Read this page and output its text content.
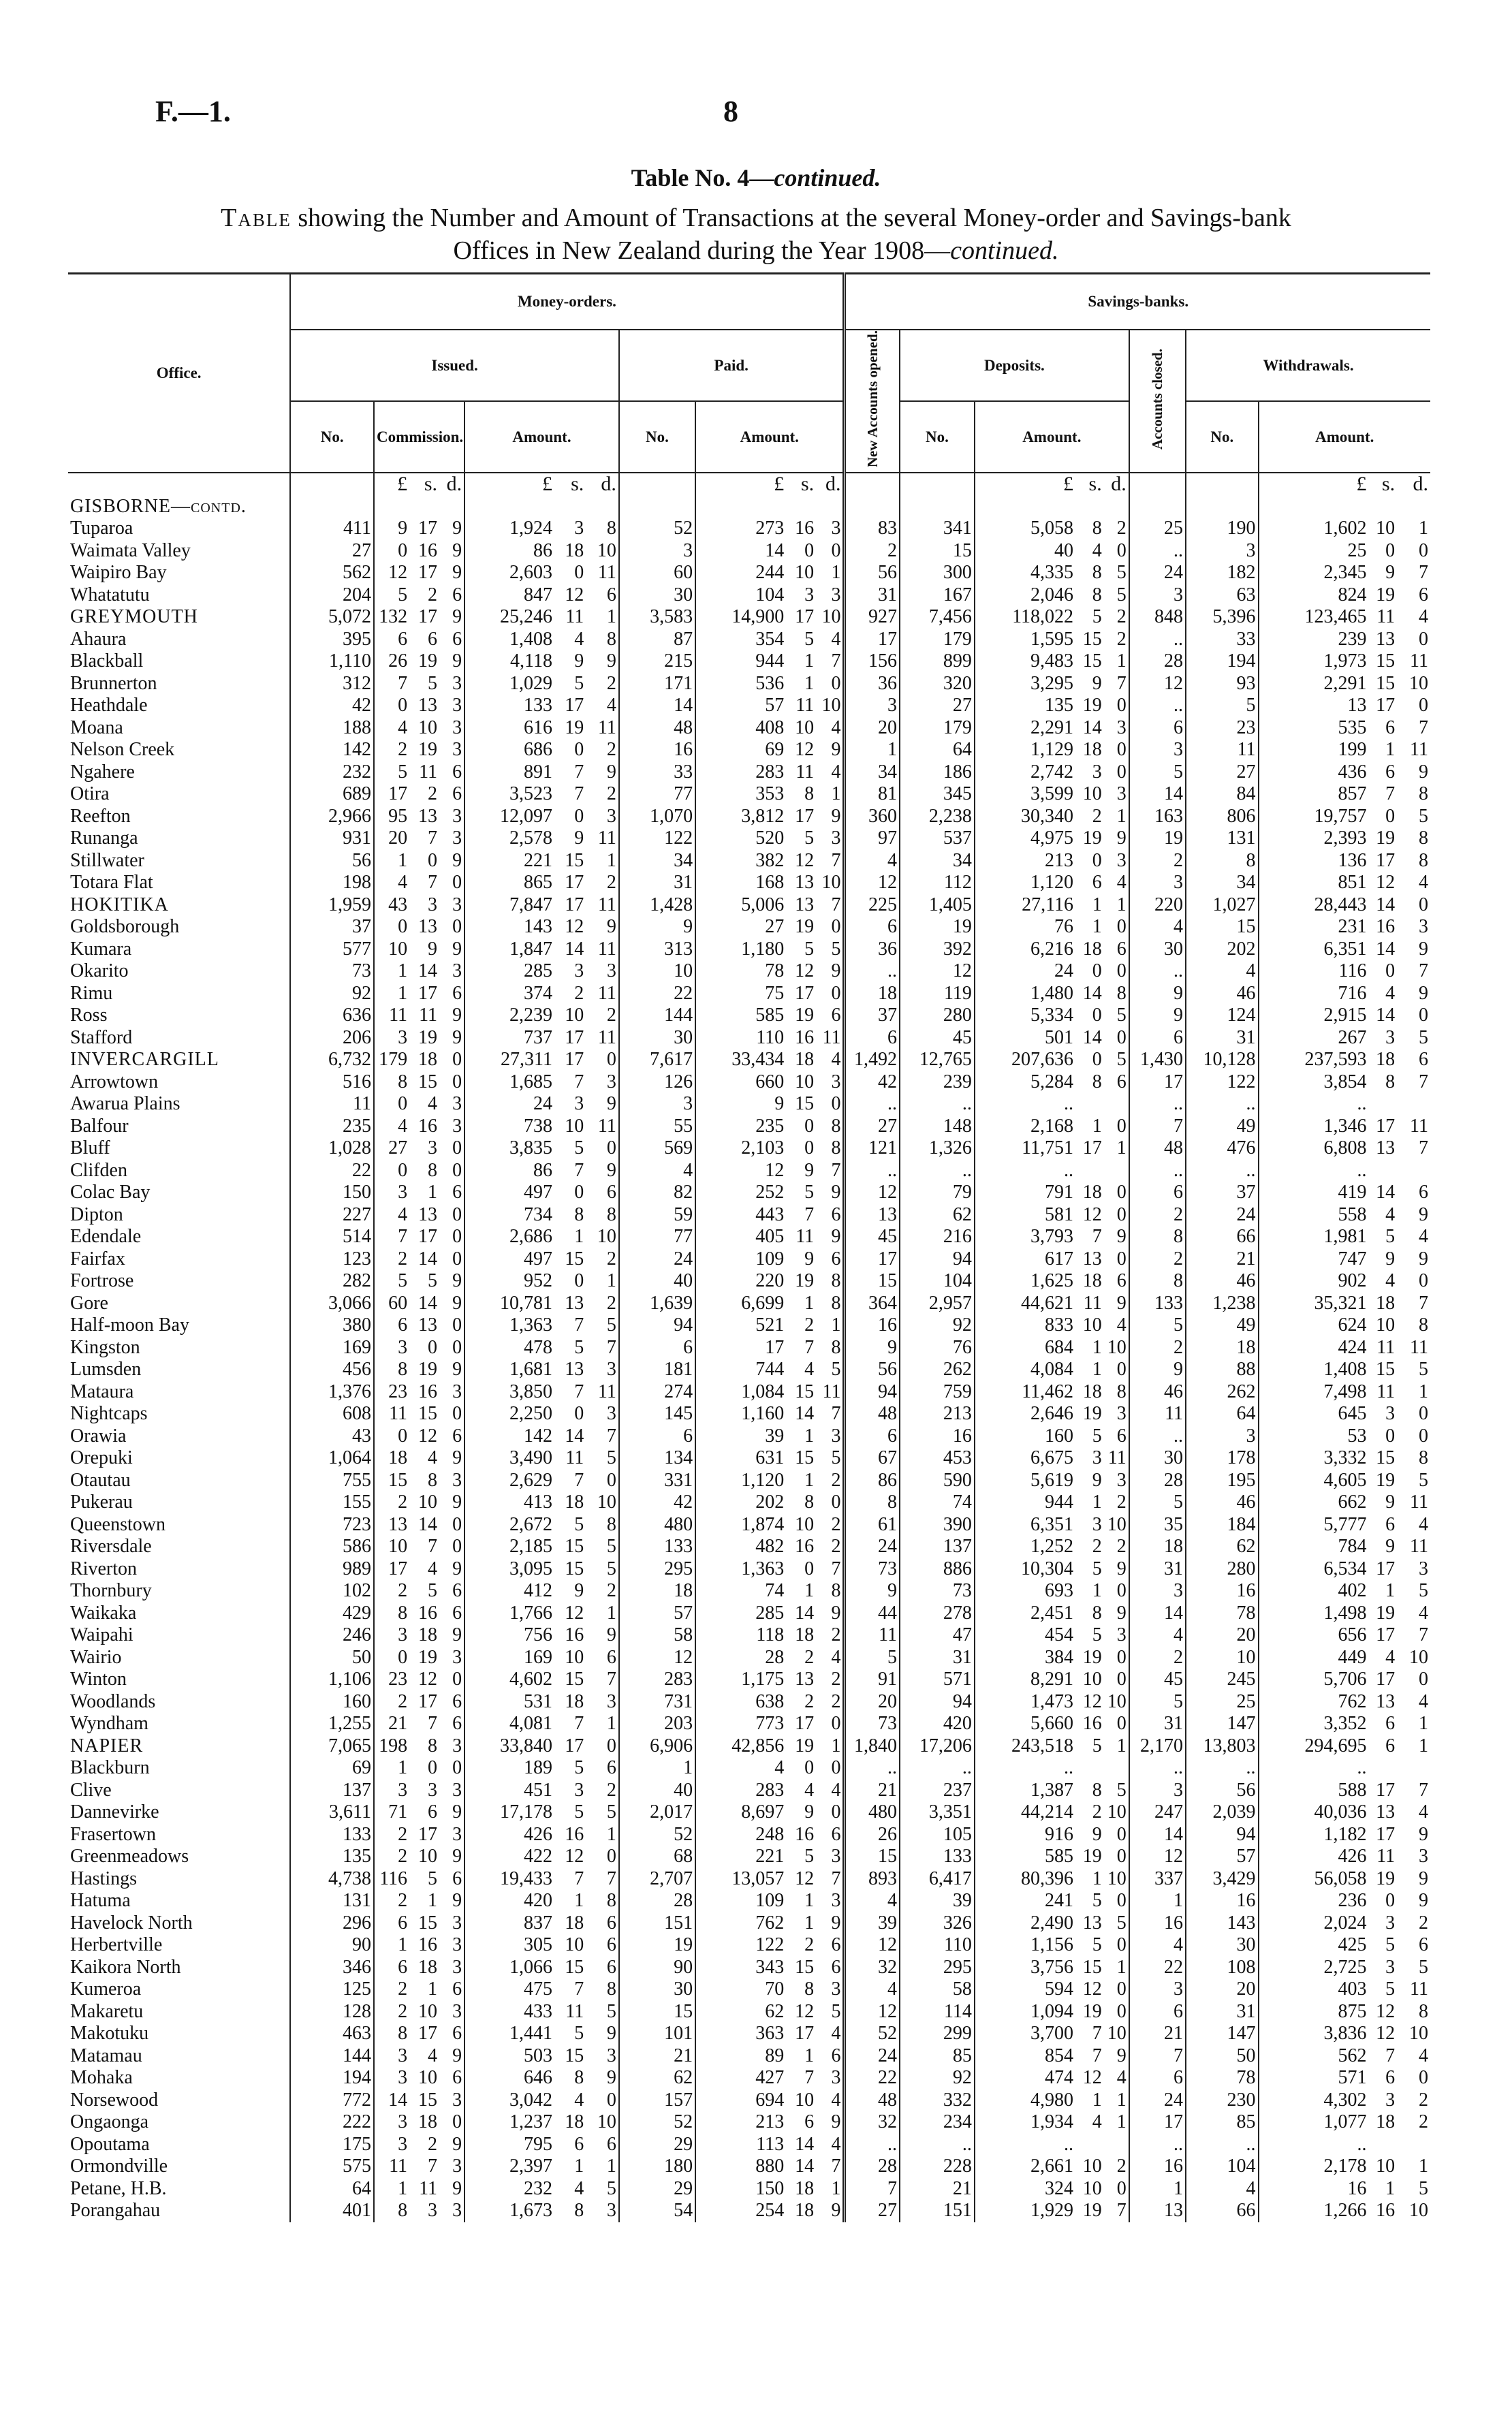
F.—1.	8
Table No. 4—continued.
Table showing the Number and Amount of Transactions at the several Money-order and Savings-bank
Offices in New Zealand during the Year 1908—continued.
Office.	Money-orders.											Savings-banks.									
	Issued.							Paid.				New Accounts opened.	Deposits.				Accounts closed.	Withdrawals.			
	No.	Commission.			Amount.			No.	Amount.				No.	Amount.				No.	Amount.		
		£	s.	d.	£	s.	d.		£	s.	d.			£	s.	d.			£	s.	d.
GISBORNE—contd.																					
Tuparoa	411	9	17	9	1,924	3	8	52	273	16	3	83	341	5,058	8	2	25	190	1,602	10	1
Waimata Valley	27	0	16	9	86	18	10	3	14	0	0	2	15	40	4	0	..	3	25	0	0
Waipiro Bay	562	12	17	9	2,603	0	11	60	244	10	1	56	300	4,335	8	5	24	182	2,345	9	7
Whatatutu	204	5	2	6	847	12	6	30	104	3	3	31	167	2,046	8	5	3	63	824	19	6
GREYMOUTH	5,072	132	17	9	25,246	11	1	3,583	14,900	17	10	927	7,456	118,022	5	2	848	5,396	123,465	11	4
Ahaura	395	6	6	6	1,408	4	8	87	354	5	4	17	179	1,595	15	2	..	33	239	13	0
Blackball	1,110	26	19	9	4,118	9	9	215	944	1	7	156	899	9,483	15	1	28	194	1,973	15	11
Brunnerton	312	7	5	3	1,029	5	2	171	536	1	0	36	320	3,295	9	7	12	93	2,291	15	10
Heathdale	42	0	13	3	133	17	4	14	57	11	10	3	27	135	19	0	..	5	13	17	0
Moana	188	4	10	3	616	19	11	48	408	10	4	20	179	2,291	14	3	6	23	535	6	7
Nelson Creek	142	2	19	3	686	0	2	16	69	12	9	1	64	1,129	18	0	3	11	199	1	11
Ngahere	232	5	11	6	891	7	9	33	283	11	4	34	186	2,742	3	0	5	27	436	6	9
Otira	689	17	2	6	3,523	7	2	77	353	8	1	81	345	3,599	10	3	14	84	857	7	8
Reefton	2,966	95	13	3	12,097	0	3	1,070	3,812	17	9	360	2,238	30,340	2	1	163	806	19,757	0	5
Runanga	931	20	7	3	2,578	9	11	122	520	5	3	97	537	4,975	19	9	19	131	2,393	19	8
Stillwater	56	1	0	9	221	15	1	34	382	12	7	4	34	213	0	3	2	8	136	17	8
Totara Flat	198	4	7	0	865	17	2	31	168	13	10	12	112	1,120	6	4	3	34	851	12	4
HOKITIKA	1,959	43	3	3	7,847	17	11	1,428	5,006	13	7	225	1,405	27,116	1	1	220	1,027	28,443	14	0
Goldsborough	37	0	13	0	143	12	9	9	27	19	0	6	19	76	1	0	4	15	231	16	3
Kumara	577	10	9	9	1,847	14	11	313	1,180	5	5	36	392	6,216	18	6	30	202	6,351	14	9
Okarito	73	1	14	3	285	3	3	10	78	12	9	..	12	24	0	0	..	4	116	0	7
Rimu	92	1	17	6	374	2	11	22	75	17	0	18	119	1,480	14	8	9	46	716	4	9
Ross	636	11	11	9	2,239	10	2	144	585	19	6	37	280	5,334	0	5	9	124	2,915	14	0
Stafford	206	3	19	9	737	17	11	30	110	16	11	6	45	501	14	0	6	31	267	3	5
INVERCARGILL	6,732	179	18	0	27,311	17	0	7,617	33,434	18	4	1,492	12,765	207,636	0	5	1,430	10,128	237,593	18	6
Arrowtown	516	8	15	0	1,685	7	3	126	660	10	3	42	239	5,284	8	6	17	122	3,854	8	7
Awarua Plains	11	0	4	3	24	3	9	3	9	15	0	..	..	..			..	..	..		
Balfour	235	4	16	3	738	10	11	55	235	0	8	27	148	2,168	1	0	7	49	1,346	17	11
Bluff	1,028	27	3	0	3,835	5	0	569	2,103	0	8	121	1,326	11,751	17	1	48	476	6,808	13	7
Clifden	22	0	8	0	86	7	9	4	12	9	7	..	..	..			..	..	..		
Colac Bay	150	3	1	6	497	0	6	82	252	5	9	12	79	791	18	0	6	37	419	14	6
Dipton	227	4	13	0	734	8	8	59	443	7	6	13	62	581	12	0	2	24	558	4	9
Edendale	514	7	17	0	2,686	1	10	77	405	11	9	45	216	3,793	7	9	8	66	1,981	5	4
Fairfax	123	2	14	0	497	15	2	24	109	9	6	17	94	617	13	0	2	21	747	9	9
Fortrose	282	5	5	9	952	0	1	40	220	19	8	15	104	1,625	18	6	8	46	902	4	0
Gore	3,066	60	14	9	10,781	13	2	1,639	6,699	1	8	364	2,957	44,621	11	9	133	1,238	35,321	18	7
Half-moon Bay	380	6	13	0	1,363	7	5	94	521	2	1	16	92	833	10	4	5	49	624	10	8
Kingston	169	3	0	0	478	5	7	6	17	7	8	9	76	684	1	10	2	18	424	11	11
Lumsden	456	8	19	9	1,681	13	3	181	744	4	5	56	262	4,084	1	0	9	88	1,408	15	5
Mataura	1,376	23	16	3	3,850	7	11	274	1,084	15	11	94	759	11,462	18	8	46	262	7,498	11	1
Nightcaps	608	11	15	0	2,250	0	3	145	1,160	14	7	48	213	2,646	19	3	11	64	645	3	0
Orawia	43	0	12	6	142	14	7	6	39	1	3	6	16	160	5	6	..	3	53	0	0
Orepuki	1,064	18	4	9	3,490	11	5	134	631	15	5	67	453	6,675	3	11	30	178	3,332	15	8
Otautau	755	15	8	3	2,629	7	0	331	1,120	1	2	86	590	5,619	9	3	28	195	4,605	19	5
Pukerau	155	2	10	9	413	18	10	42	202	8	0	8	74	944	1	2	5	46	662	9	11
Queenstown	723	13	14	0	2,672	5	8	480	1,874	10	2	61	390	6,351	3	10	35	184	5,777	6	4
Riversdale	586	10	7	0	2,185	15	5	133	482	16	2	24	137	1,252	2	2	18	62	784	9	11
Riverton	989	17	4	9	3,095	15	5	295	1,363	0	7	73	886	10,304	5	9	31	280	6,534	17	3
Thornbury	102	2	5	6	412	9	2	18	74	1	8	9	73	693	1	0	3	16	402	1	5
Waikaka	429	8	16	6	1,766	12	1	57	285	14	9	44	278	2,451	8	9	14	78	1,498	19	4
Waipahi	246	3	18	9	756	16	9	58	118	18	2	11	47	454	5	3	4	20	656	17	7
Wairio	50	0	19	3	169	10	6	12	28	2	4	5	31	384	19	0	2	10	449	4	10
Winton	1,106	23	12	0	4,602	15	7	283	1,175	13	2	91	571	8,291	10	0	45	245	5,706	17	0
Woodlands	160	2	17	6	531	18	3	731	638	2	2	20	94	1,473	12	10	5	25	762	13	4
Wyndham	1,255	21	7	6	4,081	7	1	203	773	17	0	73	420	5,660	16	0	31	147	3,352	6	1
NAPIER	7,065	198	8	3	33,840	17	0	6,906	42,856	19	1	1,840	17,206	243,518	5	1	2,170	13,803	294,695	6	1
Blackburn	69	1	0	0	189	5	6	1	4	0	0	..	..	..			..	..	..		
Clive	137	3	3	3	451	3	2	40	283	4	4	21	237	1,387	8	5	3	56	588	17	7
Dannevirke	3,611	71	6	9	17,178	5	5	2,017	8,697	9	0	480	3,351	44,214	2	10	247	2,039	40,036	13	4
Frasertown	133	2	17	3	426	16	1	52	248	16	6	26	105	916	9	0	14	94	1,182	17	9
Greenmeadows	135	2	10	9	422	12	0	68	221	5	3	15	133	585	19	0	12	57	426	11	3
Hastings	4,738	116	5	6	19,433	7	7	2,707	13,057	12	7	893	6,417	80,396	1	10	337	3,429	56,058	19	9
Hatuma	131	2	1	9	420	1	8	28	109	1	3	4	39	241	5	0	1	16	236	0	9
Havelock North	296	6	15	3	837	18	6	151	762	1	9	39	326	2,490	13	5	16	143	2,024	3	2
Herbertville	90	1	16	3	305	10	6	19	122	2	6	12	110	1,156	5	0	4	30	425	5	6
Kaikora North	346	6	18	3	1,066	15	6	90	343	15	6	32	295	3,756	15	1	22	108	2,725	3	5
Kumeroa	125	2	1	6	475	7	8	30	70	8	3	4	58	594	12	0	3	20	403	5	11
Makaretu	128	2	10	3	433	11	5	15	62	12	5	12	114	1,094	19	0	6	31	875	12	8
Makotuku	463	8	17	6	1,441	5	9	101	363	17	4	52	299	3,700	7	10	21	147	3,836	12	10
Matamau	144	3	4	9	503	15	3	21	89	1	6	24	85	854	7	9	7	50	562	7	4
Mohaka	194	3	10	6	646	8	9	62	427	7	3	22	92	474	12	4	6	78	571	6	0
Norsewood	772	14	15	3	3,042	4	0	157	694	10	4	48	332	4,980	1	1	24	230	4,302	3	2
Ongaonga	222	3	18	0	1,237	18	10	52	213	6	9	32	234	1,934	4	1	17	85	1,077	18	2
Opoutama	175	3	2	9	795	6	6	29	113	14	4	..	..	..			..	..	..		
Ormondville	575	11	7	3	2,397	1	1	180	880	14	7	28	228	2,661	10	2	16	104	2,178	10	1
Petane, H.B.	64	1	11	9	232	4	5	29	150	18	1	7	21	324	10	0	1	4	16	1	5
Porangahau	401	8	3	3	1,673	8	3	54	254	18	9	27	151	1,929	19	7	13	66	1,266	16	10
